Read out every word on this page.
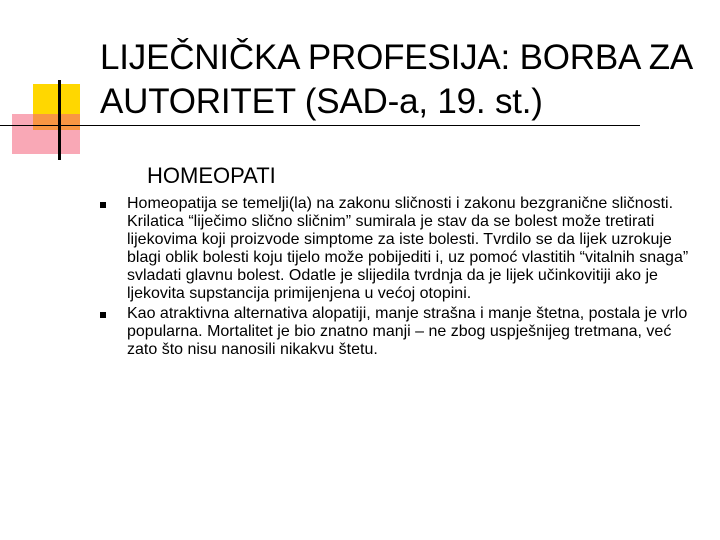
LIJEČNIČKA PROFESIJA: BORBA ZA AUTORITET (SAD-a, 19. st.)
HOMEOPATI
Homeopatija se temelji(la) na zakonu sličnosti i zakonu bezgranične sličnosti. Krilatica “liječimo slično sličnim” sumirala je stav da se bolest može tretirati lijekovima koji proizvode simptome za iste bolesti. Tvrdilo se da lijek uzrokuje blagi oblik bolesti koju tijelo može pobijediti i, uz pomoć vlastitih “vitalnih snaga” svladati glavnu bolest. Odatle je slijedila tvrdnja da je lijek učinkovitiji ako je ljekovita supstancija primijenjena u većoj otopini.
Kao atraktivna alternativa alopatiji, manje strašna i manje štetna, postala je vrlo popularna. Mortalitet je bio znatno manji – ne zbog uspješnijeg tretmana, već zato što nisu nanosili nikakvu štetu.
